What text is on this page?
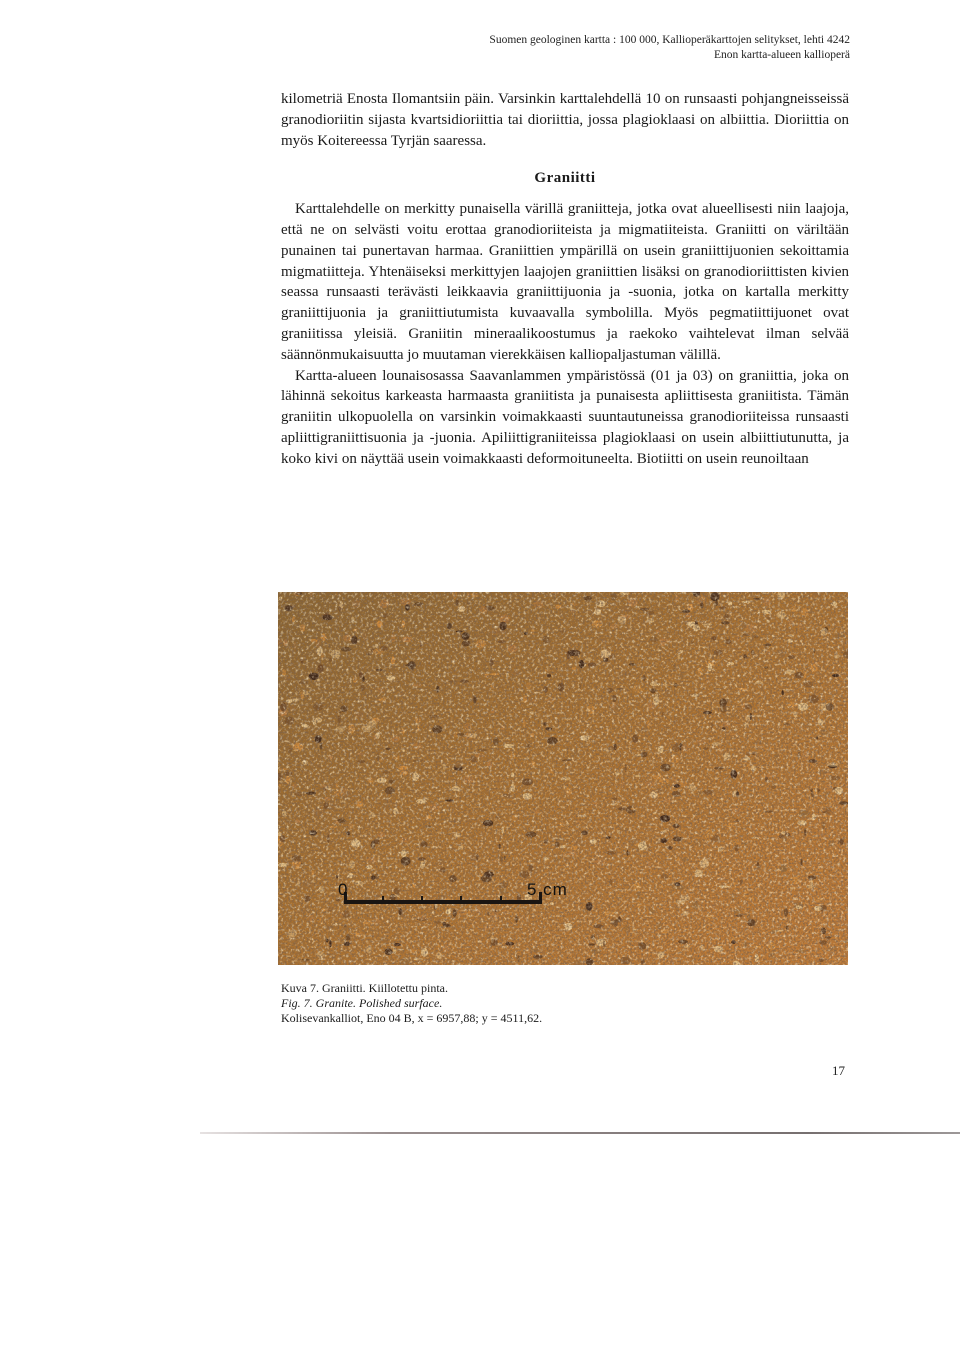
Suomen geologinen kartta : 100 000, Kallioperäkarttojen selitykset, lehti 4242
Enon kartta-alueen kallioperä

kilometriä Enosta Ilomantsiin päin. Varsinkin karttalehdellä 10 on runsaasti pohjangneisseissä granodioriitin sijasta kvartsidioriittia tai dioriittia, jossa plagioklaasi on albiittia. Dioriittia on myös Koitereessa Tyrjän saaressa.

Graniitti

Karttalehdelle on merkitty punaisella värillä graniitteja, jotka ovat alueellisesti niin laajoja, että ne on selvästi voitu erottaa granodioriiteista ja migmatiiteista. Graniitti on väriltään punainen tai punertavan harmaa. Graniittien ympärillä on usein graniittijuonien sekoittamia migmatiitteja. Yhtenäiseksi merkittyjen laajojen graniittien lisäksi on granodioriittisten kivien seassa runsaasti terävästi leikkaavia graniittijuonia ja -suonia, jotka on kartalla merkitty graniittijuonia ja graniittiutumista kuvaavalla symbolilla. Myös pegmatiittijuonet ovat graniitissa yleisiä. Graniitin mineraalikoostumus ja raekoko vaihtelevat ilman selvää säännönmukaisuutta jo muutaman vierekkäisen kalliopaljastuman välillä.

Kartta-alueen lounaisosassa Saavanlammen ympäristössä (01 ja 03) on graniittia, joka on lähinnä sekoitus karkeasta harmaasta graniitista ja punaisesta apliittisesta graniitista. Tämän graniitin ulkopuolella on varsinkin voimakkaasti suuntautuneissa granodioriiteissa runsaasti apliittigraniittisuonia ja -juonia. Apiliittigraniiteissa plagioklaasi on usein albiittiutunutta, ja koko kivi on näyttää usein voimakkaasti deformoituneelta. Biotiitti on usein reunoiltaan

0	5 cm
Kuva 7. Graniitti. Kiillotettu pinta.
Fig. 7. Granite. Polished surface.
Kolisevankalliot, Eno 04 B, x = 6957,88; y = 4511,62.
17
